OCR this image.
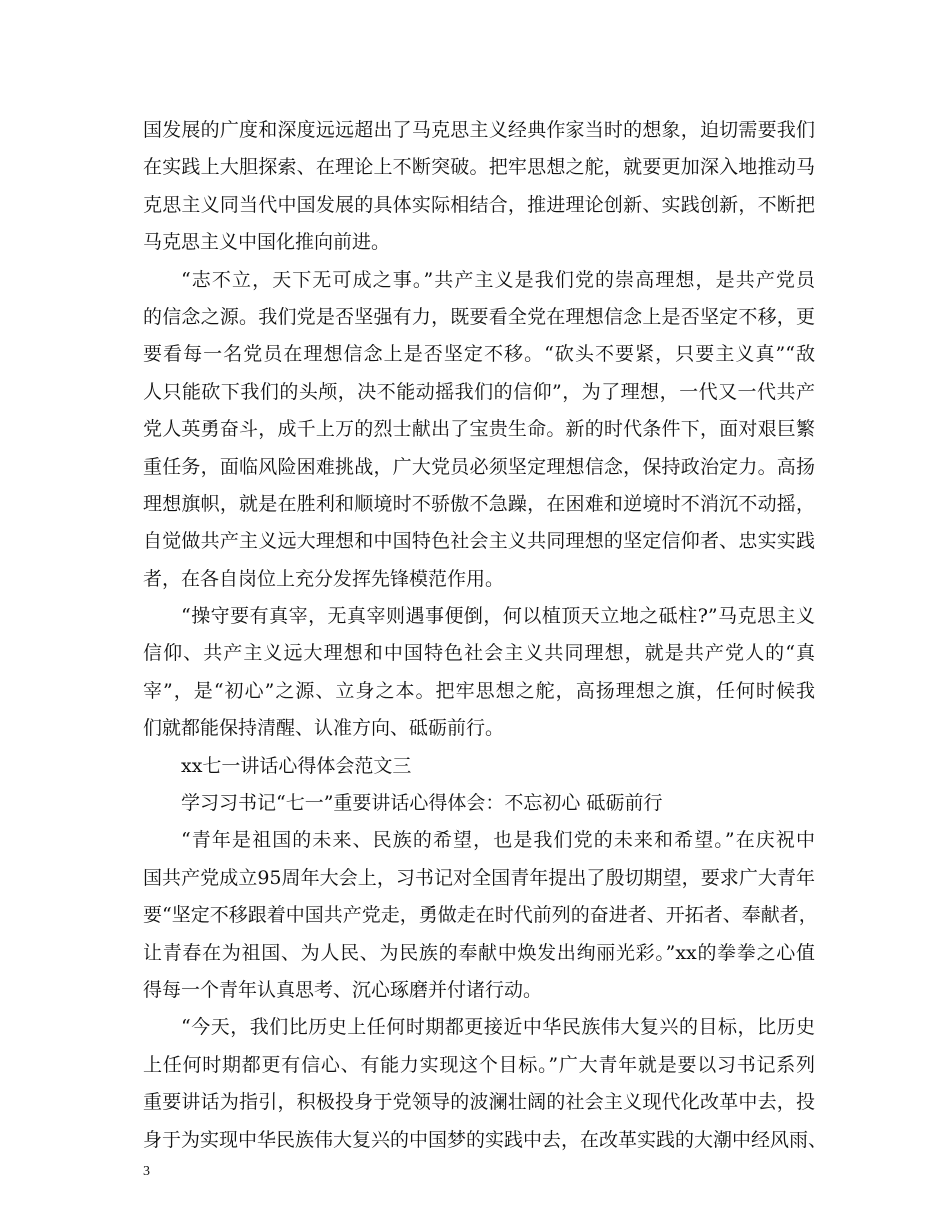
国发展的广度和深度远远超出了马克思主义经典作家当时的想象，迫切需要我们
在实践上大胆探索、在理论上不断突破。把牢思想之舵，就要更加深入地推动马
克思主义同当代中国发展的具体实际相结合，推进理论创新、实践创新，不断把
马克思主义中国化推向前进。
“志不立，天下无可成之事。”共产主义是我们党的崇高理想，是共产党员
的信念之源。我们党是否坚强有力，既要看全党在理想信念上是否坚定不移，更
要看每一名党员在理想信念上是否坚定不移。“砍头不要紧，只要主义真”“敌
人只能砍下我们的头颅，决不能动摇我们的信仰”，为了理想，一代又一代共产
党人英勇奋斗，成千上万的烈士献出了宝贵生命。新的时代条件下，面对艰巨繁
重任务，面临风险困难挑战，广大党员必须坚定理想信念，保持政治定力。高扬
理想旗帜，就是在胜利和顺境时不骄傲不急躁，在困难和逆境时不消沉不动摇，
自觉做共产主义远大理想和中国特色社会主义共同理想的坚定信仰者、忠实实践
者，在各自岗位上充分发挥先锋模范作用。
“操守要有真宰，无真宰则遇事便倒，何以植顶天立地之砥柱?”马克思主义
信仰、共产主义远大理想和中国特色社会主义共同理想，就是共产党人的“真
宰”，是“初心”之源、立身之本。把牢思想之舵，高扬理想之旗，任何时候我
们就都能保持清醒、认准方向、砥砺前行。
xx七一讲话心得体会范文三
学习习书记“七一”重要讲话心得体会：不忘初心 砥砺前行
“青年是祖国的未来、民族的希望，也是我们党的未来和希望。”在庆祝中
国共产党成立95周年大会上，习书记对全国青年提出了殷切期望，要求广大青年
要“坚定不移跟着中国共产党走，勇做走在时代前列的奋进者、开拓者、奉献者，
让青春在为祖国、为人民、为民族的奉献中焕发出绚丽光彩。”xx的拳拳之心值
得每一个青年认真思考、沉心琢磨并付诸行动。
“今天，我们比历史上任何时期都更接近中华民族伟大复兴的目标，比历史
上任何时期都更有信心、有能力实现这个目标。”广大青年就是要以习书记系列
重要讲话为指引，积极投身于党领导的波澜壮阔的社会主义现代化改革中去，投
身于为实现中华民族伟大复兴的中国梦的实践中去，在改革实践的大潮中经风雨、
3
